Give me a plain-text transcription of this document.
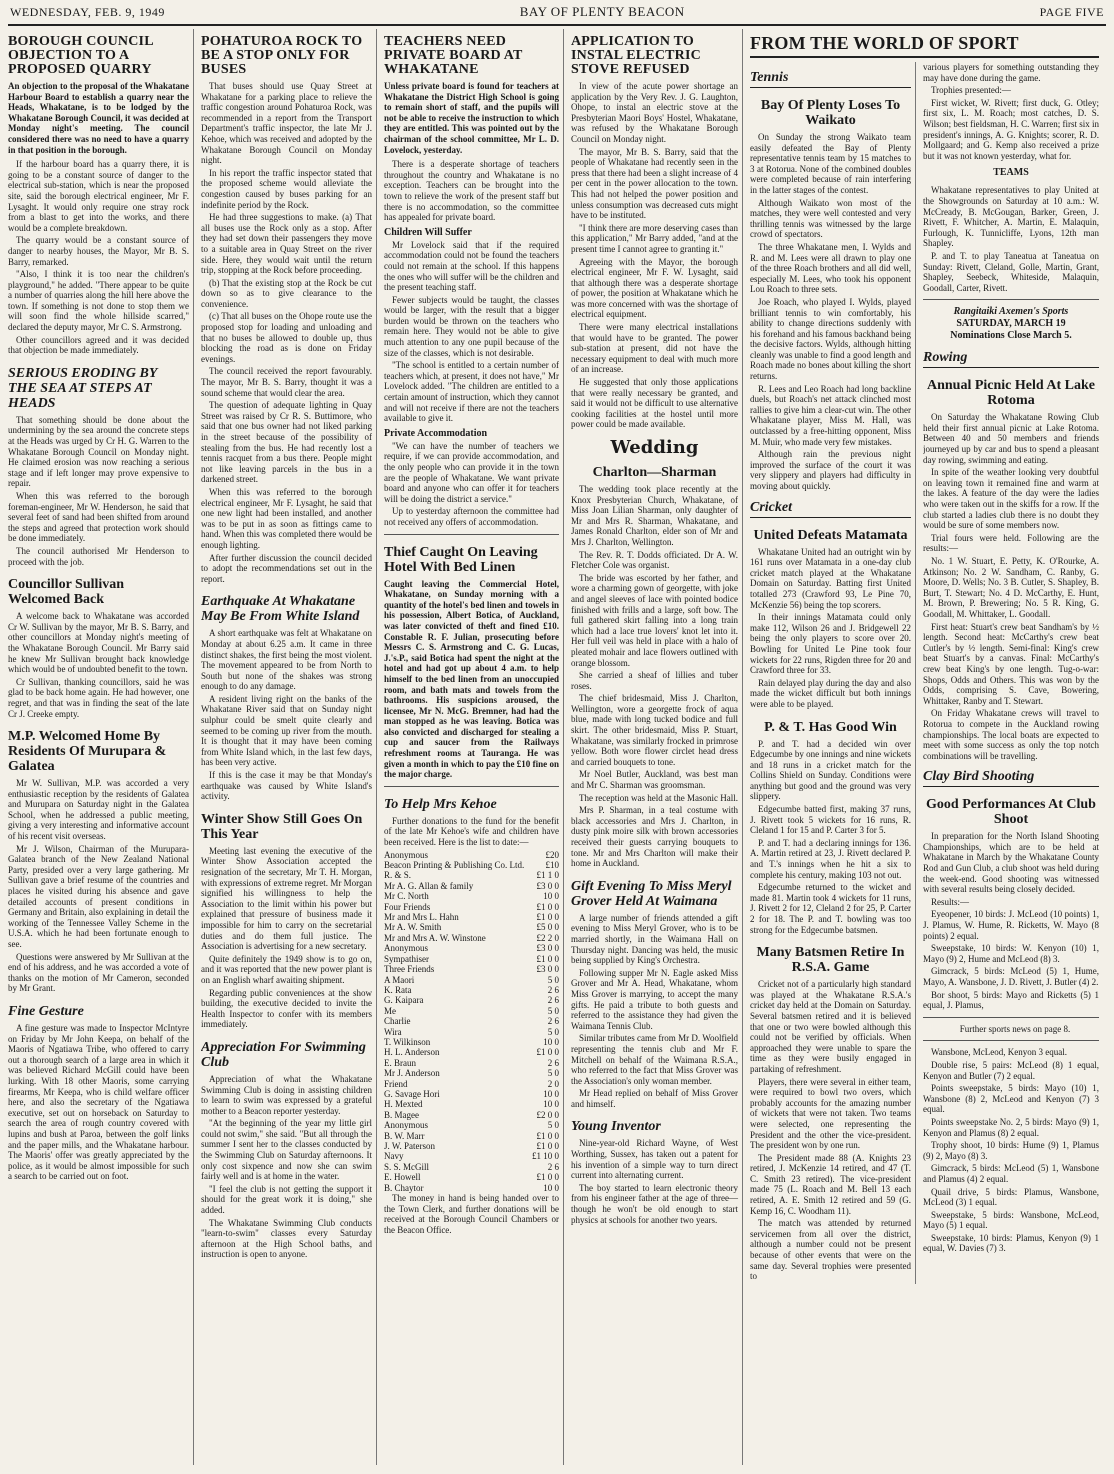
WEDNESDAY, FEB. 9, 1949	BAY OF PLENTY BEACON	PAGE FIVE
BOROUGH COUNCIL OBJECTION TO A PROPOSED QUARRY
An objection to the proposal of the Whakatane Harbour Board to establish a quarry near the Heads, Whakatane, is to be lodged by the Whakatane Borough Council, it was decided at Monday night's meeting. The council considered there was no need to have a quarry in that position in the borough.

If the harbour board has a quarry there, it is going to be a constant source of danger to the electrical sub-station, which is near the proposed site, said the borough electrical engineer, Mr F. Lysaght. It would only require one stray rock from a blast to get into the works, and there would be a complete breakdown.

The quarry would be a constant source of danger to nearby houses, the Mayor, Mr B. S. Barry, remarked.

"Also, I think it is too near the children's playground," he added. "There appear to be quite a number of quarries along the hill here above the town. If something is not done to stop them we will soon find the whole hillside scarred," declared the deputy mayor, Mr C. S. Armstrong.

Other councillors agreed and it was decided that objection be made immediately.

SERIOUS ERODING BY THE SEA AT STEPS AT HEADS

That something should be done about the undermining by the sea around the concrete steps at the Heads was urged by Cr H. G. Warren to the Whakatane Borough Council on Monday night. He claimed erosion was now reaching a serious stage and if left longer may prove expensive to repair.

When this was referred to the borough foreman-engineer, Mr W. Henderson, he said that several feet of sand had been shifted from around the steps and agreed that protection work should be done immediately.

The council authorised Mr Henderson to proceed with the job.

Councillor Sullivan Welcomed Back

A welcome back to Whakatane was accorded Cr W. Sullivan by the mayor, Mr B. S. Barry, and other councillors at Monday night's meeting of the Whakatane Borough Council. Mr Barry said he knew Mr Sullivan brought back knowledge which would be of undoubted benefit to the town.

Cr Sullivan, thanking councillors, said he was glad to be back home again. He had however, one regret, and that was in finding the seat of the late Cr J. Creeke empty.

M.P. Welcomed Home By Residents Of Murupara & Galatea

Mr W. Sullivan, M.P. was accorded a very enthusiastic reception by the residents of Galatea and Murupara on Saturday night in the Galatea School, when he addressed a public meeting, giving a very interesting and informative account of his recent visit overseas.

Mr J. Wilson, Chairman of the Murupara-Galatea branch of the New Zealand National Party, presided over a very large gathering. Mr Sullivan gave a brief resume of the countries and places he visited during his absence and gave detailed accounts of present conditions in Germany and Britain, also explaining in detail the working of the Tennessee Valley Scheme in the U.S.A. which he had been fortunate enough to see.

Questions were answered by Mr Sullivan at the end of his address, and he was accorded a vote of thanks on the motion of Mr Cameron, seconded by Mr Grant.

Fine Gesture

A fine gesture was made to Inspector McIntyre on Friday by Mr John Keepa, on behalf of the Maoris of Ngatiawa Tribe, who offered to carry out a thorough search of a large area in which it was believed Richard McGill could have been lurking. With 18 other Maoris, some carrying firearms, Mr Keepa, who is child welfare officer here, and also the secretary of the Ngatiawa executive, set out on horseback on Saturday to search the area of rough country covered with lupins and bush at Paroa, between the golf links and the paper mills, and the Whakatane harbour. The Maoris' offer was greatly appreciated by the police, as it would be almost impossible for such a search to be carried out on foot.

POHATUROA ROCK TO BE A STOP ONLY FOR BUSES

That buses should use Quay Street at Whakatane for a parking place to relieve the traffic congestion around Pohaturoa Rock, was recommended in a report from the Transport Department's traffic inspector, the late Mr J. Kehoe, which was received and adopted by the Whakatane Borough Council on Monday night.

In his report the traffic inspector stated that the proposed scheme would alleviate the congestion caused by buses parking for an indefinite period by the Rock.

He had three suggestions to make. (a) That all buses use the Rock only as a stop. After they had set down their passengers they move to a suitable area in Quay Street on the river side. Here, they would wait until the return trip, stopping at the Rock before proceeding.

(b) That the existing stop at the Rock be cut down so as to give clearance to the convenience.

(c) That all buses on the Ohope route use the proposed stop for loading and unloading and that no buses be allowed to double up, thus blocking the road as is done on Friday evenings.

The council received the report favourably. The mayor, Mr B. S. Barry, thought it was a sound scheme that would clear the area.

The question of adequate lighting in Quay Street was raised by Cr R. S. Buttimore, who said that one bus owner had not liked parking in the street because of the possibility of stealing from the bus. He had recently lost a tennis racquet from a bus there. People might not like leaving parcels in the bus in a darkened street.

When this was referred to the borough electrical engineer, Mr F. Lysaght, he said that one new light had been installed, and another was to be put in as soon as fittings came to hand. When this was completed there would be enough lighting.

After further discussion the council decided to adopt the recommendations set out in the report.

Earthquake At Whakatane May Be From White Island

A short earthquake was felt at Whakatane on Monday at about 6.25 a.m. It came in three distinct shakes, the first being the most violent. The movement appeared to be from North to South but none of the shakes was strong enough to do any damage.

A resident living right on the banks of the Whakatane River said that on Sunday night sulphur could be smelt quite clearly and seemed to be coming up river from the mouth. It is thought that it may have been coming from White Island which, in the last few days, has been very active.

If this is the case it may be that Monday's earthquake was caused by White Island's activity.

Winter Show Still Goes On This Year

Meeting last evening the executive of the Winter Show Association accepted the resignation of the secretary, Mr T. H. Morgan, with expressions of extreme regret. Mr Morgan signified his willingness to help the Association to the limit within his power but explained that pressure of business made it impossible for him to carry on the secretarial duties and do them full justice. The Association is advertising for a new secretary.

Quite definitely the 1949 show is to go on, and it was reported that the new power plant is on an English wharf awaiting shipment.

Regarding public conveniences at the show building, the executive decided to invite the Health Inspector to confer with its members immediately.

Appreciation For Swimming Club

Appreciation of what the Whakatane Swimming Club is doing in assisting children to learn to swim was expressed by a grateful mother to a Beacon reporter yesterday.

"At the beginning of the year my little girl could not swim," she said. "But all through the summer I sent her to the classes conducted by the Swimming Club on Saturday afternoons. It only cost sixpence and now she can swim fairly well and is at home in the water.

"I feel the club is not getting the support it should for the great work it is doing," she added.

The Whakatane Swimming Club conducts "learn-to-swim" classes every Saturday afternoon at the High School baths, and instruction is open to anyone.

TEACHERS NEED PRIVATE BOARD AT WHAKATANE
Unless private board is found for teachers at Whakatane the District High School is going to remain short of staff, and the pupils will not be able to receive the instruction to which they are entitled. This was pointed out by the chairman of the school committee, Mr L. D. Lovelock, yesterday.

There is a desperate shortage of teachers throughout the country and Whakatane is no exception. Teachers can be brought into the town to relieve the work of the present staff but there is no accommodation, so the committee has appealed for private board.

Children Will Suffer

Mr Lovelock said that if the required accommodation could not be found the teachers could not remain at the school. If this happens the ones who will suffer will be the children and the present teaching staff.

Fewer subjects would be taught, the classes would be larger, with the result that a bigger burden would be thrown on the teachers who remain here. They would not be able to give much attention to any one pupil because of the size of the classes, which is not desirable.

"The school is entitled to a certain number of teachers which, at present, it does not have," Mr Lovelock added. "The children are entitled to a certain amount of instruction, which they cannot and will not receive if there are not the teachers available to give it.

Private Accommodation

"We can have the number of teachers we require, if we can provide accommodation, and the only people who can provide it in the town are the people of Whakatane. We want private board and anyone who can offer it for teachers will be doing the district a service."

Up to yesterday afternoon the committee had not received any offers of accommodation.

Thief Caught On Leaving Hotel With Bed Linen
Caught leaving the Commercial Hotel, Whakatane, on Sunday morning with a quantity of the hotel's bed linen and towels in his possession, Albert Botica, of Auckland, was later convicted of theft and fined £10. Constable R. F. Julian, prosecuting before Messrs C. S. Armstrong and C. G. Lucas, J.'s.P., said Botica had spent the night at the hotel and had got up about 4 a.m. to help himself to the bed linen from an unoccupied room, and bath mats and towels from the bathrooms. His suspicions aroused, the licensee, Mr N. McG. Bremner, had had the man stopped as he was leaving. Botica was also convicted and discharged for stealing a cup and saucer from the Railways refreshment rooms at Tauranga. He was given a month in which to pay the £10 fine on the major charge.
To Help Mrs Kehoe

Further donations to the fund for the benefit of the late Mr Kehoe's wife and children have been received. Here is the list to date:—

Anonymous	£20
Beacon Printing & Publishing Co. Ltd.	£10
R. & S.	£1 1 0
Mr A. G. Allan & family	£3 0 0
Mr C. North	10 0
Four Friends	£1 0 0
Mr and Mrs L. Hahn	£1 0 0
Mr A. W. Smith	£5 0 0
Mr and Mrs A. W. Winstone	£2 2 0
Anonymous	£3 0 0
Sympathiser	£1 0 0
Three Friends	£3 0 0
A Maori	5 0
K. Rata	2 6
G. Kaipara	2 6
Me	5 0
Charlie	2 6
Wira	5 0
T. Wilkinson	10 0
H. L. Anderson	£1 0 0
E. Braun	2 6
Mr J. Anderson	5 0
Friend	2 0
G. Savage Hori	10 0
H. Mexted	10 0
B. Magee	£2 0 0
Anonymous	5 0
B. W. Marr	£1 0 0
J. W. Paterson	£1 0 0
Navy	£1 10 0
S. S. McGill	2 6
E. Howell	£1 0 0
B. Chaytor	10 0

The money in hand is being handed over to the Town Clerk, and further donations will be received at the Borough Council Chambers or the Beacon Office.

APPLICATION TO INSTAL ELECTRIC STOVE REFUSED

In view of the acute power shortage an application by the Very Rev. J. G. Laughton, Ohope, to instal an electric stove at the Presbyterian Maori Boys' Hostel, Whakatane, was refused by the Whakatane Borough Council on Monday night.

The mayor, Mr B. S. Barry, said that the people of Whakatane had recently seen in the press that there had been a slight increase of 4 per cent in the power allocation to the town. This had not helped the power position and unless consumption was decreased cuts might have to be instituted.

"I think there are more deserving cases than this application," Mr Barry added, "and at the present time I cannot agree to granting it."

Agreeing with the Mayor, the borough electrical engineer, Mr F. W. Lysaght, said that although there was a desperate shortage of power, the position at Whakatane which he was more concerned with was the shortage of electrical equipment.

There were many electrical installations that would have to be granted. The power sub-station at present, did not have the necessary equipment to deal with much more of an increase.

He suggested that only those applications that were really necessary be granted, and said it would not be difficult to use alternative cooking facilities at the hostel until more power could be made available.

Wedding
Charlton—Sharman

The wedding took place recently at the Knox Presbyterian Church, Whakatane, of Miss Joan Lilian Sharman, only daughter of Mr and Mrs R. Sharman, Whakatane, and James Ronald Charlton, elder son of Mr and Mrs J. Charlton, Wellington.

The Rev. R. T. Dodds officiated. Dr A. W. Fletcher Cole was organist.

The bride was escorted by her father, and wore a charming gown of georgette, with joke and angel sleeves of lace with pointed bodice finished with frills and a large, soft bow. The full gathered skirt falling into a long train which had a lace true lovers' knot let into it. Her full veil was held in place with a halo of pleated mohair and lace flowers outlined with orange blossom.

She carried a sheaf of lillies and tuber roses.

The chief bridesmaid, Miss J. Charlton, Wellington, wore a georgette frock of aqua blue, made with long tucked bodice and full skirt. The other bridesmaid, Miss P. Stuart, Whakatane, was similarly frocked in primrose yellow. Both wore flower circlet head dress and carried bouquets to tone.

Mr Noel Butler, Auckland, was best man and Mr C. Sharman was groomsman.

The reception was held at the Masonic Hall.

Mrs P. Sharman, in a teal costume with black accessories and Mrs J. Charlton, in dusty pink moire silk with brown accessories received their guests carrying bouquets to tone. Mr and Mrs Charlton will make their home in Auckland.

Gift Evening To Miss Meryl Grover Held At Waimana

A large number of friends attended a gift evening to Miss Meryl Grover, who is to be married shortly, in the Waimana Hall on Thursday night. Dancing was held, the music being supplied by King's Orchestra.

Following supper Mr N. Eagle asked Miss Grover and Mr A. Head, Whakatane, whom Miss Grover is marrying, to accept the many gifts. He paid a tribute to both guests and referred to the assistance they had given the Waimana Tennis Club.

Similar tributes came from Mr D. Woolfield representing the tennis club and Mr F. Mitchell on behalf of the Waimana R.S.A., who referred to the fact that Miss Grover was the Association's only woman member.

Mr Head replied on behalf of Miss Grover and himself.

Young Inventor

Nine-year-old Richard Wayne, of West Worthing, Sussex, has taken out a patent for his invention of a simple way to turn direct current into alternating current.

The boy started to learn electronic theory from his engineer father at the age of three—though he won't be old enough to start physics at schools for another two years.

FROM THE WORLD OF SPORT
Tennis
Bay Of Plenty Loses To Waikato

On Sunday the strong Waikato team easily defeated the Bay of Plenty representative tennis team by 15 matches to 3 at Rotorua. None of the combined doubles were completed because of rain interfering in the latter stages of the contest.

Although Waikato won most of the matches, they were well contested and very thrilling tennis was witnessed by the large crowd of spectators.

The three Whakatane men, I. Wylds and R. and M. Lees were all drawn to play one of the three Roach brothers and all did well, especially M. Lees, who took his opponent Lou Roach to three sets.

Joe Roach, who played I. Wylds, played brilliant tennis to win comfortably, his ability to change directions suddenly with his forehand and his famous backhand being the decisive factors. Wylds, although hitting cleanly was unable to find a good length and Roach made no bones about killing the short returns.

R. Lees and Leo Roach had long backline duels, but Roach's net attack clinched most rallies to give him a clear-cut win. The other Whakatane player, Miss M. Hall, was outclassed by a free-hitting opponent, Miss M. Muir, who made very few mistakes.

Although rain the previous night improved the surface of the court it was very slippery and players had difficulty in moving about quickly.

Cricket
United Defeats Matamata

Whakatane United had an outright win by 161 runs over Matamata in a one-day club cricket match played at the Whakatane Domain on Saturday. Batting first United totalled 273 (Crawford 93, Le Pine 70, McKenzie 56) being the top scorers.

In their innings Matamata could only make 112, Wilson 26 and J. Bridgewell 22 being the only players to score over 20. Bowling for United Le Pine took four wickets for 22 runs, Rigden three for 20 and Crawford three for 33.

Rain delayed play during the day and also made the wicket difficult but both innings were able to be played.

P. & T. Has Good Win

P. and T. had a decided win over Edgecumbe by one innings and nine wickets and 18 runs in a cricket match for the Collins Shield on Sunday. Conditions were anything but good and the ground was very slippery.

Edgecumbe batted first, making 37 runs, J. Rivett took 5 wickets for 16 runs, R. Cleland 1 for 15 and P. Carter 3 for 5.

P. and T. had a declaring innings for 136. A. Martin retired at 23, J. Rivett declared P. and T.'s innings when he hit a six to complete his century, making 103 not out.

Edgecumbe returned to the wicket and made 81. Martin took 4 wickets for 11 runs, J. Rivett 2 for 12, Cleland 2 for 25, P. Carter 2 for 18. The P. and T. bowling was too strong for the Edgecumbe batsmen.

Many Batsmen Retire In R.S.A. Game

Cricket not of a particularly high standard was played at the Whakatane R.S.A.'s cricket day held at the Domain on Saturday. Several batsmen retired and it is believed that one or two were bowled although this could not be verified by officials. When approached they were unable to spare the time as they were busily engaged in partaking of refreshment.

Players, there were several in either team, were required to bowl two overs, which probably accounts for the amazing number of wickets that were not taken. Two teams were selected, one representing the President and the other the vice-president. The president won by one run.

The President made 88 (A. Knights 23 retired, J. McKenzie 14 retired, and 47 (T. C. Smith 23 retired). The vice-president made 75 (L. Roach and M. Bell 13 each retired, A. E. Smith 12 retired and 59 (G. Kemp 16, C. Woodham 11).

The match was attended by returned servicemen from all over the district, although a number could not be present because of other events that were on the same day. Several trophies were presented to

various players for something outstanding they may have done during the game.

Trophies presented:—

First wicket, W. Rivett; first duck, G. Otley; first six, L. M. Roach; most catches, D. S. Wilson; best fieldsman, H. C. Warren; first six in president's innings, A. G. Knights; scorer, R. D. Mollgaard; and G. Kemp also received a prize but it was not known yesterday, what for.

TEAMS

Whakatane representatives to play United at the Showgrounds on Saturday at 10 a.m.: W. McCready, B. McGougan, Barker, Green, J. Rivett, F. Whitcher, A. Martin, E. Malaquin, Furlough, K. Tunnicliffe, Lyons, 12th man Shapley.

P. and T. to play Taneatua at Taneatua on Sunday: Rivett, Cleland, Golle, Martin, Grant, Shapley, Seebeck, Whiteside, Malaquin, Goodall, Carter, Rivett.

Rangitaiki Axemen's Sports
SATURDAY, MARCH 19
Nominations Close March 5.
Rowing
Annual Picnic Held At Lake Rotoma

On Saturday the Whakatane Rowing Club held their first annual picnic at Lake Rotoma. Between 40 and 50 members and friends journeyed up by car and bus to spend a pleasant day rowing, swimming and eating.

In spite of the weather looking very doubtful on leaving town it remained fine and warm at the lakes. A feature of the day were the ladies who were taken out in the skiffs for a row. If the club started a ladies club there is no doubt they would be sure of some members now.

Trial fours were held. Following are the results:—

No. 1 W. Stuart, E. Petty, K. O'Rourke, A. Atkinson; No. 2 W. Sandham, C. Ranby, G. Moore, D. Wells; No. 3 B. Cutler, S. Shapley, B. Burt, T. Stewart; No. 4 D. McCarthy, E. Hunt, M. Brown, P. Brewering; No. 5 R. King, G. Goodall, M. Whittaker, L. Goodall.

First heat: Stuart's crew beat Sandham's by ½ length. Second heat: McCarthy's crew beat Cutler's by ½ length. Semi-final: King's crew beat Stuart's by a canvas. Final: McCarthy's crew beat King's by one length. Tug-o-war: Shops, Odds and Others. This was won by the Odds, comprising S. Cave, Bowering, Whittaker, Ranby and T. Stewart.

On Friday Whakatane crews will travel to Rotorua to compete in the Auckland rowing championships. The local boats are expected to meet with some success as only the top notch combinations will be travelling.

Clay Bird Shooting
Good Performances At Club Shoot

In preparation for the North Island Shooting Championships, which are to be held at Whakatane in March by the Whakatane County Rod and Gun Club, a club shoot was held during the week-end. Good shooting was witnessed with several results being closely decided.

Results:—

Eyeopener, 10 birds: J. McLeod (10 points) 1, J. Plamus, W. Hume, R. Ricketts, W. Mayo (8 points) 2 equal.

Sweepstake, 10 birds: W. Kenyon (10) 1, Mayo (9) 2, Hume and McLeod (8) 3.

Gimcrack, 5 birds: McLeod (5) 1, Hume, Mayo, A. Wansbone, J. D. Rivett, J. Butler (4) 2.

Bor shoot, 5 birds: Mayo and Ricketts (5) 1 equal, J. Plamus,

Further sports news on page 8.

Wansbone, McLeod, Kenyon 3 equal.

Double rise, 5 pairs: McLeod (8) 1 equal, Kenyon and Butler (7) 2 equal.

Points sweepstake, 5 birds: Mayo (10) 1, Wansbone (8) 2, McLeod and Kenyon (7) 3 equal.

Points sweepstake No. 2, 5 birds: Mayo (9) 1, Kenyon and Plamus (8) 2 equal.

Trophy shoot, 10 birds: Hume (9) 1, Plamus (9) 2, Mayo (8) 3.

Gimcrack, 5 birds: McLeod (5) 1, Wansbone and Plamus (4) 2 equal.

Quail drive, 5 birds: Plamus, Wansbone, McLeod (3) 1 equal.

Sweepstake, 5 birds: Wansbone, McLeod, Mayo (5) 1 equal.

Sweepstake, 10 birds: Plamus, Kenyon (9) 1 equal, W. Davies (7) 3.
